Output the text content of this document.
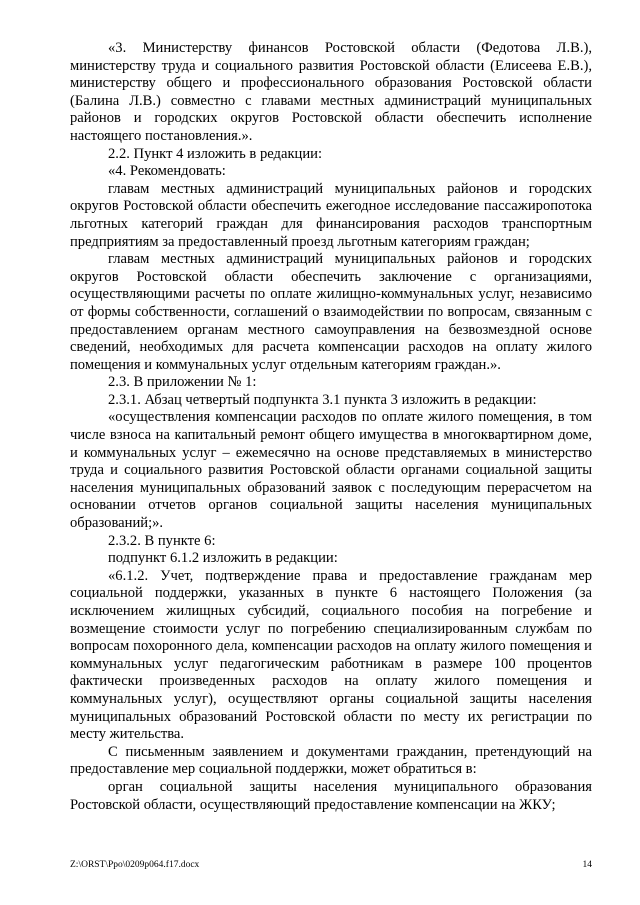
«3. Министерству финансов Ростовской области (Федотова Л.В.), министерству труда и социального развития Ростовской области (Елисеева Е.В.), министерству общего и профессионального образования Ростовской области (Балина Л.В.) совместно с главами местных администраций муниципальных районов и городских округов Ростовской области обеспечить исполнение настоящего постановления.».

2.2. Пункт 4 изложить в редакции:

«4. Рекомендовать:

главам местных администраций муниципальных районов и городских округов Ростовской области обеспечить ежегодное исследование пассажиропотока льготных категорий граждан для финансирования расходов транспортным предприятиям за предоставленный проезд льготным категориям граждан;

главам местных администраций муниципальных районов и городских округов Ростовской области обеспечить заключение с организациями, осуществляющими расчеты по оплате жилищно-коммунальных услуг, независимо от формы собственности, соглашений о взаимодействии по вопросам, связанным с предоставлением органам местного самоуправления на безвозмездной основе сведений, необходимых для расчета компенсации расходов на оплату жилого помещения и коммунальных услуг отдельным категориям граждан.».

2.3. В приложении № 1:

2.3.1. Абзац четвертый подпункта 3.1 пункта 3 изложить в редакции:

«осуществления компенсации расходов по оплате жилого помещения, в том числе взноса на капитальный ремонт общего имущества в многоквартирном доме, и коммунальных услуг – ежемесячно на основе представляемых в министерство труда и социального развития Ростовской области органами социальной защиты населения муниципальных образований заявок с последующим перерасчетом на основании отчетов органов социальной защиты населения муниципальных образований;».

2.3.2. В пункте 6:

подпункт 6.1.2 изложить в редакции:

«6.1.2. Учет, подтверждение права и предоставление гражданам мер социальной поддержки, указанных в пункте 6 настоящего Положения (за исключением жилищных субсидий, социального пособия на погребение и возмещение стоимости услуг по погребению специализированным службам по вопросам похоронного дела, компенсации расходов на оплату жилого помещения и коммунальных услуг педагогическим работникам в размере 100 процентов фактически произведенных расходов на оплату жилого помещения и коммунальных услуг), осуществляют органы социальной защиты населения муниципальных образований Ростовской области по месту их регистрации по месту жительства.

С письменным заявлением и документами гражданин, претендующий на предоставление мер социальной поддержки, может обратиться в:

орган социальной защиты населения муниципального образования Ростовской области, осуществляющий предоставление компенсации на ЖКУ;

Z:\ORST\Ppo\0209p064.f17.docx	14
